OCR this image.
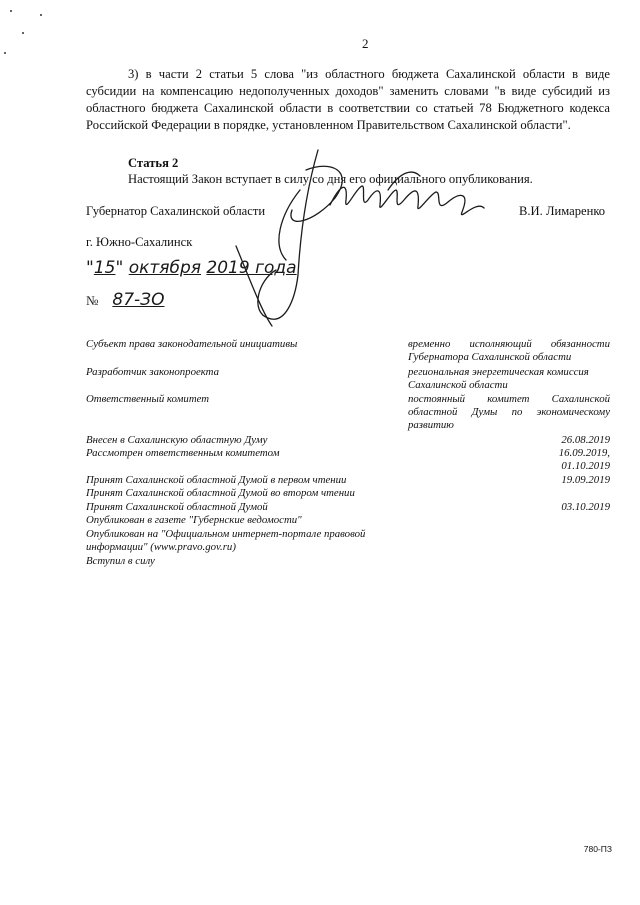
2
3) в части 2 статьи 5 слова "из областного бюджета Сахалинской области в виде субсидии на компенсацию недополученных доходов" заменить словами "в виде субсидий из областного бюджета Сахалинской области в соответствии со статьей 78 Бюджетного кодекса Российской Федерации в порядке, установленном Правительством Сахалинской области".
Статья 2
Настоящий Закон вступает в силу со дня его официального опубликования.
Губернатор Сахалинской области	В.И. Лимаренко
г. Южно-Сахалинск
"15" октября 2019 года
№ 87-ЗО
Субъект права законодательной инициативы	временно исполняющий обязанности Губернатора Сахалинской области
Разработчик законопроекта	региональная энергетическая комиссия Сахалинской области
Ответственный комитет	постоянный комитет Сахалинской областной Думы по экономическому развитию
Внесен в Сахалинскую областную Думу	26.08.2019
Рассмотрен ответственным комитетом	16.09.2019,
01.10.2019
Принят Сахалинской областной Думой в первом чтении	19.09.2019
Принят Сахалинской областной Думой во втором чтении
Принят Сахалинской областной Думой	03.10.2019
Опубликован в газете "Губернские ведомости"
Опубликован на "Официальном интернет-портале правовой информации" (www.pravo.gov.ru)
Вступил в силу
780-ПЗ
